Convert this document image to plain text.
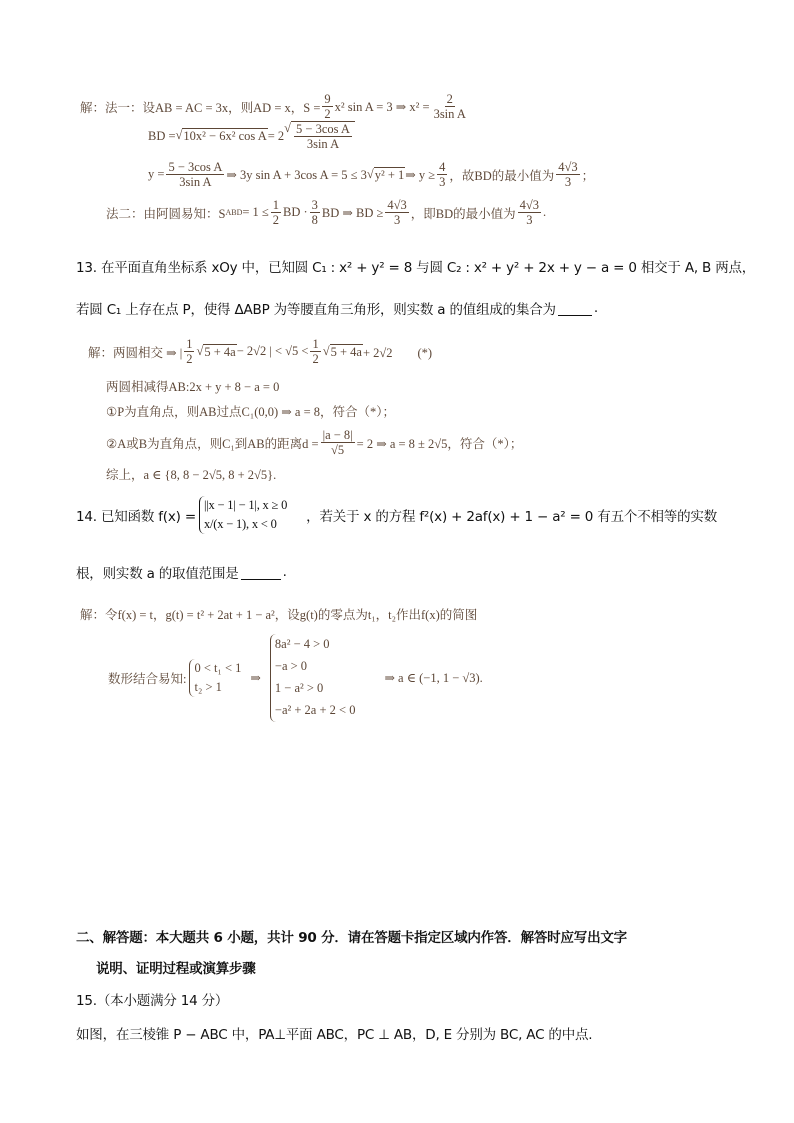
解：法一：设AB = AC = 3x，则AD = x，$S = \frac{9}{2} x^2$ sin A = 3 ⇒ $x^2 = \frac{2}{\text{3sin A}}$
BD = √ 10x² − 6x² cos A = 2
√ $\frac{\text{5 − 3cos A}}{\text{3sin A}}$
$y = \frac{\text{5 − 3cos A}}{\text{3sin A}}$ ⇒ 3y sin A + 3cos A = 5 ≤ 3 √ y² + 1 ⇒ $y \ge \frac{4}{3}$ ，故BD的最小值为 $\frac{4√3}{3}$ ；
法二：由阿圆易知：S ABD = $1 \le \frac{1}{2}$ BD · $\frac{3}{8}$ BD ⇒ BD ≥ $\frac{4√3}{3}$ ，即BD的最小值为 $\frac{4√3}{3}$ .
13. 在平面直角坐标系 xOy 中，已知圆 C₁ : x² + y² = 8 与圆 C₂ : x² + y² + 2x + y − a = 0 相交于 A, B 两点，
若圆 C₁ 上存在点 P，使得 ΔABP 为等腰直角三角形，则实数 a 的值组成的集合为	.
解：两圆相交 ⇒ | $\frac{1}{2}$ √ 5 + 4a − 2√2 | < $√5 < \frac{1}{2}$ √ 5 + 4a + 2√2　　(*)
两圆相减得AB:2x + y + 8 − a = 0
①P为直角点，则AB过点C₁(0,0) ⇒ a = 8，符合（*）；
②A或B为直角点，则C₁到AB的距离$d = \frac{|a - 8|}{√5} = 2$ ⇒ a = 8 ± 2√5，符合（*）；
综上，a ∈ {8, 8 − 2√5, 8 + 2√5}.
14. 已知函数 f(x) =
||x − 1| − 1|, x ≥ 0
x/(x − 1), x < 0	，若关于 x 的方程 f²(x) + 2af(x) + 1 − a² = 0 有五个不相等的实数
根，则实数 a 的取值范围是	.
解：令f(x) = t，g(t) = t² + 2at + 1 − a²，设g(t)的零点为t₁，t₂作出f(x)的简图
数形结合易知:
0 < t₁ < 1
t₂ > 1
⇒
8a² − 4 > 0
−a > 0
1 − a² > 0
−a² + 2a + 2 < 0
⇒ a ∈ (−1, 1 − √3).
二、解答题：本大题共 6 小题，共计 90 分．请在答题卡指定区域内作答．解答时应写出文字
说明、证明过程或演算步骤
15.（本小题满分 14 分）
如图，在三棱锥 P − ABC 中，PA⊥平面 ABC，PC ⊥ AB，D, E 分别为 BC, AC 的中点.
